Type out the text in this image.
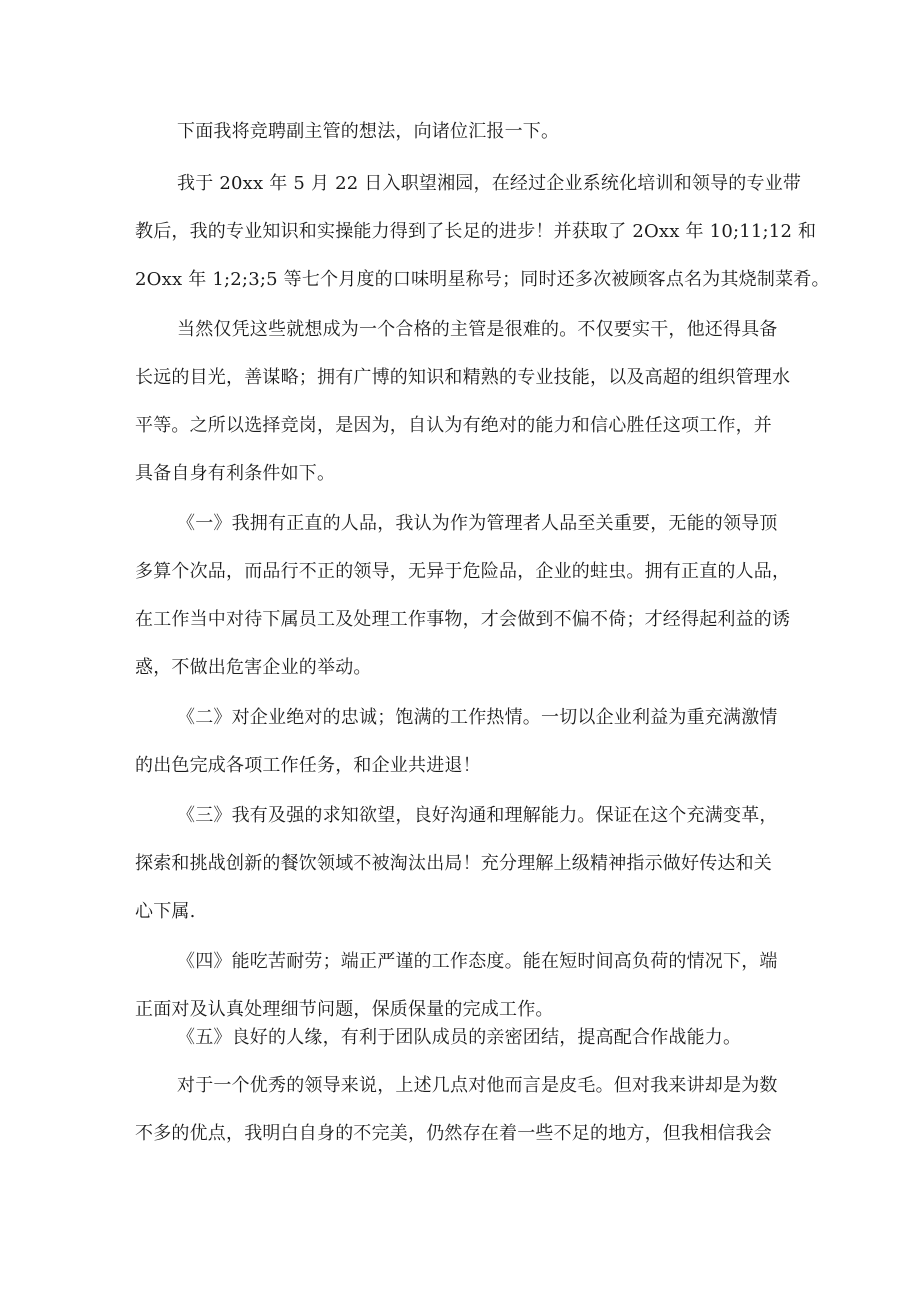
下面我将竞聘副主管的想法，向诸位汇报一下。
我于 20xx 年 5 月 22 日入职望湘园，在经过企业系统化培训和领导的专业带
教后，我的专业知识和实操能力得到了长足的进步！并获取了 2Oxx 年 10;11;12 和
2Oxx 年 1;2;3;5 等七个月度的口味明星称号；同时还多次被顾客点名为其烧制菜肴。
当然仅凭这些就想成为一个合格的主管是很难的。不仅要实干，他还得具备
长远的目光，善谋略；拥有广博的知识和精熟的专业技能，以及高超的组织管理水
平等。之所以选择竞岗，是因为，自认为有绝对的能力和信心胜任这项工作，并
具备自身有利条件如下。
《一》我拥有正直的人品，我认为作为管理者人品至关重要，无能的领导顶
多算个次品，而品行不正的领导，无异于危险品，企业的蛀虫。拥有正直的人品，
在工作当中对待下属员工及处理工作事物，才会做到不偏不倚；才经得起利益的诱
惑，不做出危害企业的举动。
《二》对企业绝对的忠诚；饱满的工作热情。一切以企业利益为重充满激情
的出色完成各项工作任务，和企业共进退！
《三》我有及强的求知欲望，良好沟通和理解能力。保证在这个充满变革，
探索和挑战创新的餐饮领域不被淘汰出局！充分理解上级精神指示做好传达和关
心下属.
《四》能吃苦耐劳；端正严谨的工作态度。能在短时间高负荷的情况下，端
正面对及认真处理细节问题，保质保量的完成工作。
《五》良好的人缘，有利于团队成员的亲密团结，提高配合作战能力。
对于一个优秀的领导来说，上述几点对他而言是皮毛。但对我来讲却是为数
不多的优点，我明白自身的不完美，仍然存在着一些不足的地方，但我相信我会
